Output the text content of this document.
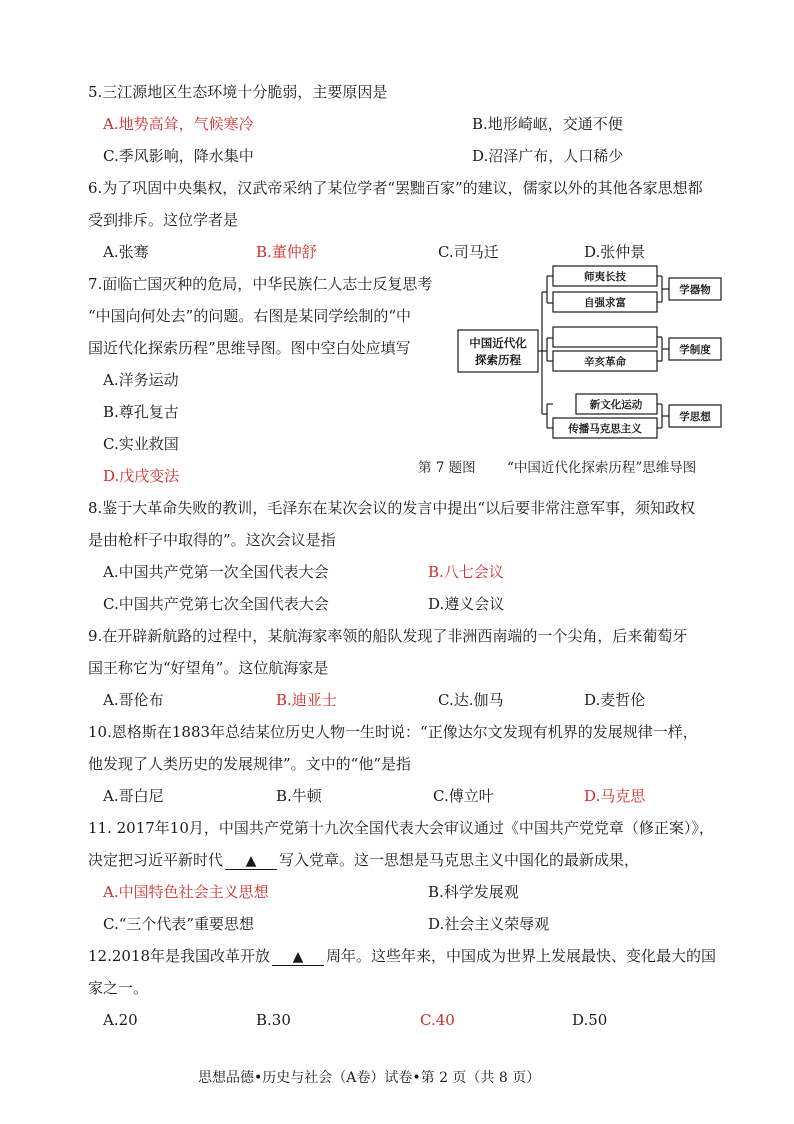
5.三江源地区生态环境十分脆弱，主要原因是
A.地势高耸，气候寒冷	B.地形崎岖，交通不便
C.季风影响，降水集中	D.沼泽广布，人口稀少
6.为了巩固中央集权，汉武帝采纳了某位学者“罢黜百家”的建议，儒家以外的其他各家思想都
受到排斥。这位学者是
A.张骞	B.董仲舒	C.司马迁	D.张仲景
7.面临亡国灭种的危局，中华民族仁人志士反复思考
“中国向何处去”的问题。右图是某同学绘制的“中
国近代化探索历程”思维导图。图中空白处应填写
A.洋务运动
B.尊孔复古
C.实业救国
D.戊戌变法
中国近代化
探索历程
师夷长技
自强求富
辛亥革命
新文化运动
传播马克思主义
学器物
学制度
学思想
第 7 题图 “中国近代化探索历程”思维导图
8.鉴于大革命失败的教训，毛泽东在某次会议的发言中提出“以后要非常注意军事，须知政权
是由枪杆子中取得的”。这次会议是指
A.中国共产党第一次全国代表大会	B.八七会议
C.中国共产党第七次全国代表大会	D.遵义会议
9.在开辟新航路的过程中，某航海家率领的船队发现了非洲西南端的一个尖角，后来葡萄牙
国王称它为“好望角”。这位航海家是
A.哥伦布	B.迪亚士	C.达.伽马	D.麦哲伦
10.恩格斯在1883年总结某位历史人物一生时说：“正像达尔文发现有机界的发展规律一样，
他发现了人类历史的发展规律”。文中的“他”是指
A.哥白尼	B.牛顿	C.傅立叶	D.马克思
11. 2017年10月，中国共产党第十九次全国代表大会审议通过《中国共产党党章（修正案）》，
决定把习近平新时代 ▲ 写入党章。这一思想是马克思主义中国化的最新成果，
A.中国特色社会主义思想	B.科学发展观
C.“三个代表”重要思想	D.社会主义荣辱观
12.2018年是我国改革开放 ▲ 周年。这些年来，中国成为世界上发展最快、变化最大的国
家之一。
A.20	B.30	C.40	D.50
思想品德•历史与社会（A卷）试卷•第 2 页（共 8 页）
